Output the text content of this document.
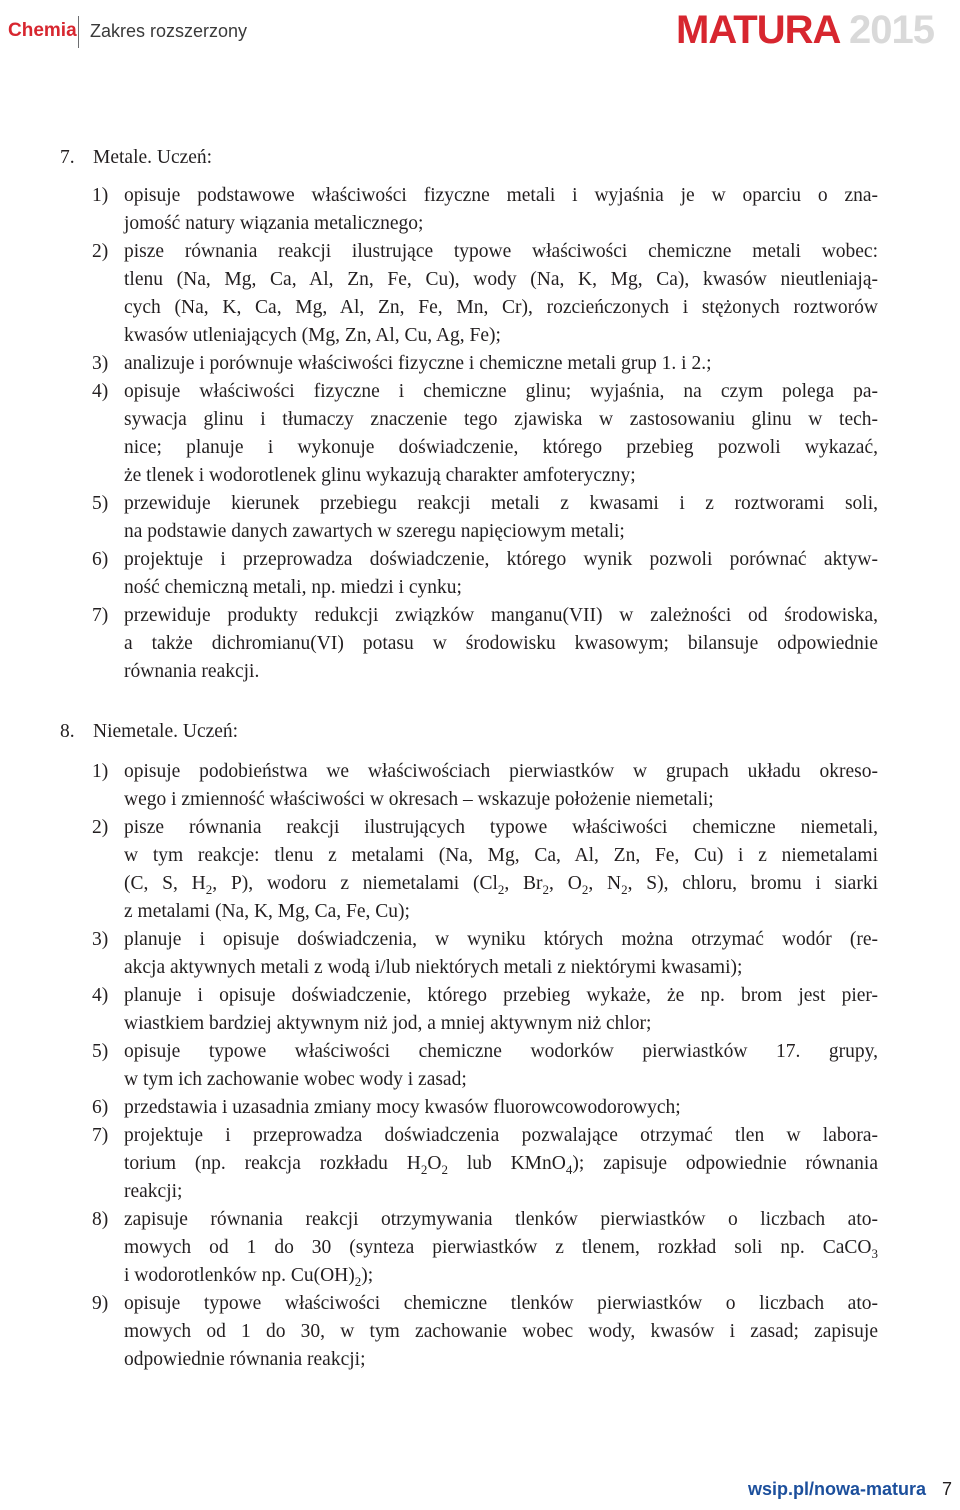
Chemia Zakres rozszerzony	MATURA 2015
7. Metale. Uczeń:
1) opisuje podstawowe właściwości fizyczne metali i wyjaśnia je w oparciu o zna-
jomość natury wiązania metalicznego;
2) pisze równania reakcji ilustrujące typowe właściwości chemiczne metali wobec:
tlenu (Na, Mg, Ca, Al, Zn, Fe, Cu), wody (Na, K, Mg, Ca), kwasów nieutleniają-
cych (Na, K, Ca, Mg, Al, Zn, Fe, Mn, Cr), rozcieńczonych i stężonych roztworów
kwasów utleniających (Mg, Zn, Al, Cu, Ag, Fe);
3) analizuje i porównuje właściwości fizyczne i chemiczne metali grup 1. i 2.;
4) opisuje właściwości fizyczne i chemiczne glinu; wyjaśnia, na czym polega pa-
sywacja glinu i tłumaczy znaczenie tego zjawiska w zastosowaniu glinu w tech-
nice; planuje i wykonuje doświadczenie, którego przebieg pozwoli wykazać,
że tlenek i wodorotlenek glinu wykazują charakter amfoteryczny;
5) przewiduje kierunek przebiegu reakcji metali z kwasami i z roztworami soli,
na podstawie danych zawartych w szeregu napięciowym metali;
6) projektuje i przeprowadza doświadczenie, którego wynik pozwoli porównać aktyw-
ność chemiczną metali, np. miedzi i cynku;
7) przewiduje produkty redukcji związków manganu(VII) w zależności od środowiska,
a także dichromianu(VI) potasu w środowisku kwasowym; bilansuje odpowiednie
równania reakcji.
8. Niemetale. Uczeń:
1) opisuje podobieństwa we właściwościach pierwiastków w grupach układu okreso-
wego i zmienność właściwości w okresach – wskazuje położenie niemetali;
2) pisze równania reakcji ilustrujących typowe właściwości chemiczne niemetali,
w tym reakcje: tlenu z metalami (Na, Mg, Ca, Al, Zn, Fe, Cu) i z niemetalami
(C, S, $H_2$, P), wodoru z niemetalami ($Cl_2$, $Br_2$, $O_2$, $N_2$, S), chloru, bromu i siarki
z metalami (Na, K, Mg, Ca, Fe, Cu);
3) planuje i opisuje doświadczenia, w wyniku których można otrzymać wodór (re-
akcja aktywnych metali z wodą i/lub niektórych metali z niektórymi kwasami);
4) planuje i opisuje doświadczenie, którego przebieg wykaże, że np. brom jest pier-
wiastkiem bardziej aktywnym niż jod, a mniej aktywnym niż chlor;
5) opisuje typowe właściwości chemiczne wodorków pierwiastków 17. grupy,
w tym ich zachowanie wobec wody i zasad;
6) przedstawia i uzasadnia zmiany mocy kwasów fluorowcowodorowych;
7) projektuje i przeprowadza doświadczenia pozwalające otrzymać tlen w labora-
torium (np. reakcja rozkładu $H_2O_2$ lub KMnO$_4$); zapisuje odpowiednie równania
reakcji;
8) zapisuje równania reakcji otrzymywania tlenków pierwiastków o liczbach ato-
mowych od 1 do 30 (synteza pierwiastków z tlenem, rozkład soli np. CaCO$_3$
i wodorotlenków np. $Cu(OH)_2$);
9) opisuje typowe właściwości chemiczne tlenków pierwiastków o liczbach ato-
mowych od 1 do 30, w tym zachowanie wobec wody, kwasów i zasad; zapisuje
odpowiednie równania reakcji;
wsip.pl/nowa-matura 7
